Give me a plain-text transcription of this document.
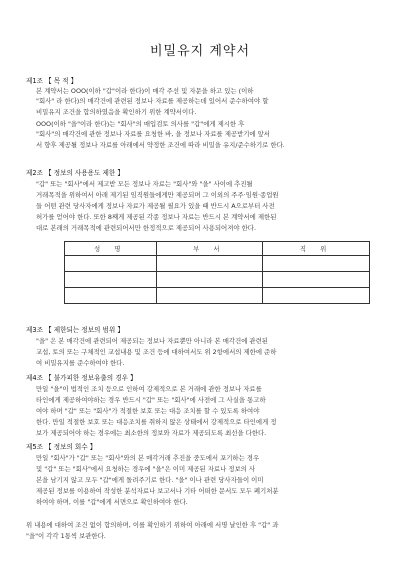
비밀유지 계약서
제1조 【 목 적 】
본 계약서는 OOO(이하 "갑"이라 한다)이 매각 주선 및 자문을 하고 있는 (이하
"회사" 라 한다)의 매각건에 관련된 정보나 자료를 제공하는데 있어서 준수하여야 할
비밀유지 조건을 합의하였음을 확인하기 위한 계약서이다.
OOO(이하 "을"이라 한다)는 "회사"의 매입검토 의사를 "갑"에게 제시한 후
"회사"의 매각건에 관한 정보나 자료를 요청한 바, 을 정보나 자료를 제공받기에 앞서
서 향후 제공될 정보나 자료를 아래에서 약정한 조건에 따라 비밀을 유지/준수하기로 한다.
제2조 【 정보의 사용용도 제한 】
"갑" 또는 "회사"에서 제고받 모든 정보나 자료는 "회사"와 "을" 사이에 추진될
거래목적을 위하여서 아래 제기된 임직원들에게만 제공되며 그 이외의 주주·임원·종업원
들 어떤 관련 당사자에게 정보나 자료가 제공될 필요가 있을 때 반드시 A으로부터 사전
허가를 얻어야 한다. 또한 8째게 제공된 각종 정보나 자료는 반드시 본 계약서에 제한된
대로 본래의 거래목적에 관련되어서만 한정적으로 제공되어 사용되어져야 한다.
성 명	부 서	직 위

제3조 【 제한되는 정보의 범위 】
"을" 은 본 매각건에 관련되어 제공되는 정보나 자료뿐만 아니라 본 매각건에 관련된
교섭, 토의 또는 구체적인 교섭내용 및 조건 등에 대하여서도 위 2항에서의 제한에 준하
여 비밀유지를 준수하여야 한다.
제4조 【 불가피한 정보유출의 경우 】
만일 "을"이 법적인 조치 등으로 인하여 강제적으로 본 거래에 관한 정보나 자료를
타인에게 제공하여야하는 경우 반드시 "갑" 또는 "회사"에 사전에 그 사실을 통고하
여야 하며 "갑" 또는 "회사"가 적절한 보호 또는 대응 조치를 할 수 있도록 하여야
한다. 만일 적절한 보호 또는 대응조치를 취하지 않은 상태에서 강제적으로 타인에게 정
보가 제공되어야 하는 경우에는 최소한의 정보와 자료가 제공되도록 최선을 다한다.
제5조 【 정보의 회수 】
만일 "회사"가 "갑" 또는 "회사"와의 본 매각거래 추진을 중도에서 포기하는 경우
및 "갑" 또는 "회사"에서 요청하는 경우에 "을"은 이미 제공된 자료나 정보의 사
본을 남기지 않고 모두 "갑"에게 돌려주기로 한다. "을" 이나 관련 당사자들이 이미
제공된 정보를 이용하여 작성한 분석자료나 보고서나 기타 어떠한 문서도 모두 폐기처분
하여야 하며, 이를 "갑"에게 서면으로 확인하여야 한다.
위 내용에 대하여 조건 없이 합의하며, 이를 확인하기 위하여 아래에 서명 날인한 후 "갑" 과
"을"이 각각 1통씩 보관한다.
